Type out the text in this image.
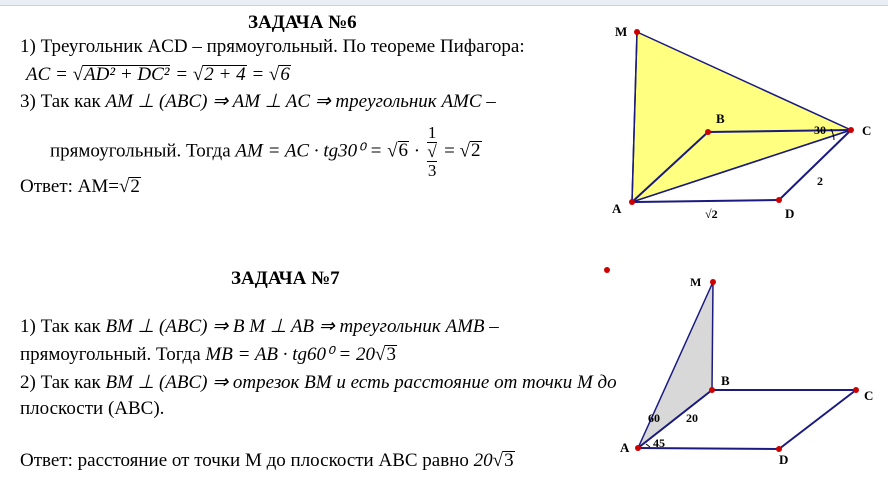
ЗАДАЧА №6
1) Треугольник ACD – прямоугольный. По теореме Пифагора:
AC = √AD² + DC² = √2 + 4 = √6
3) Так как AM ⊥ (ABC) ⇒ AM ⊥ AC ⇒ треугольник AMC –
прямоугольный. Тогда AM = AC · tg30⁰ = √6 · 1
√
3 = √2
Ответ: AM=√2
ЗАДАЧА №7
1) Так как BM ⊥ (ABC) ⇒ B M ⊥ AB ⇒ треугольник AMB –
прямоугольный. Тогда MB = AB · tg60⁰ = 20√3
2) Так как BM ⊥ (ABC) ⇒ отрезок BM и есть расстояние от точки M до
плоскости (ABC).
Ответ: расстояние от точки M до плоскости ABC равно 20√3
M
A
B
C
D
30
2
√2
M
B
C
A
D
60
45
20
